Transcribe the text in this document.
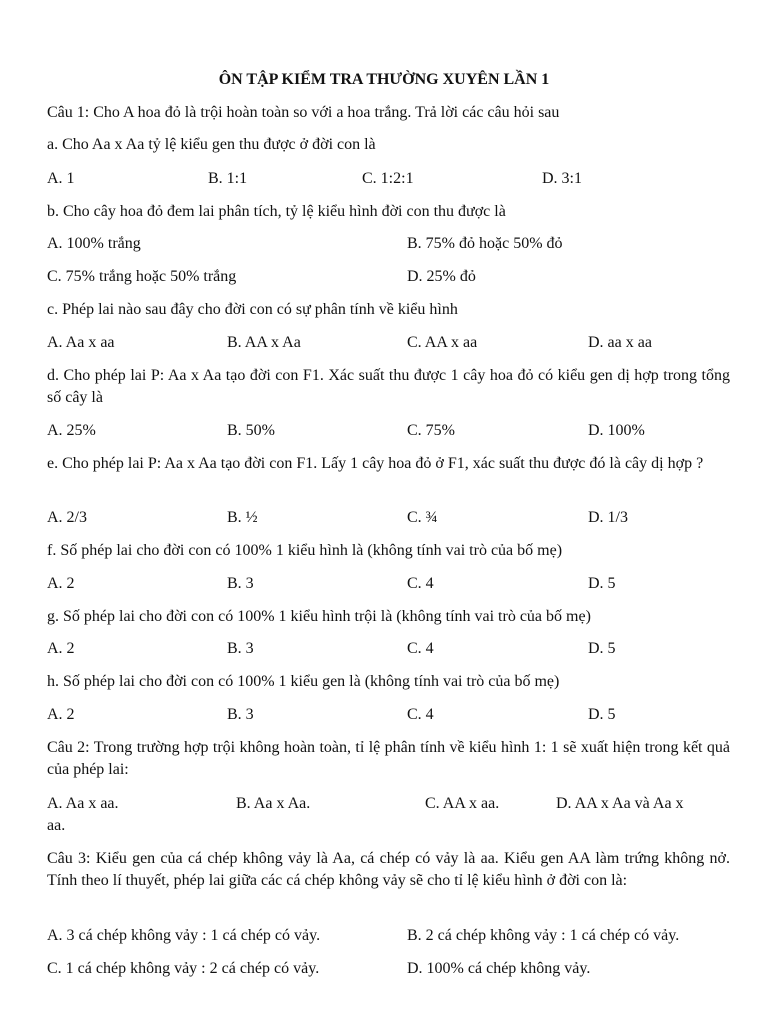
ÔN TẬP KIỂM TRA THƯỜNG XUYÊN LẦN 1
Câu 1: Cho A hoa đỏ là trội hoàn toàn so với a hoa trắng. Trả lời các câu hỏi sau
a. Cho Aa x Aa tỷ lệ kiểu gen thu được ở đời con là
A. 1	B. 1:1	C. 1:2:1	D. 3:1
b. Cho cây hoa đỏ đem lai phân tích, tỷ lệ kiểu hình đời con thu được là
A. 100% trắng	B. 75% đỏ hoặc 50% đỏ
C. 75% trắng hoặc 50% trắng	D. 25% đỏ
c. Phép lai nào sau đây cho đời con có sự phân tính về kiểu hình
A. Aa x aa	B. AA x Aa	C. AA x aa	D. aa x aa
d. Cho phép lai P: Aa x Aa tạo đời con F1. Xác suất thu được 1 cây hoa đỏ có kiểu gen dị hợp trong tổng số cây là
A. 25%	B. 50%	C. 75%	D. 100%
e. Cho phép lai P: Aa x Aa tạo đời con F1. Lấy 1 cây hoa đỏ ở F1, xác suất thu được đó là cây dị hợp ?
A. 2/3	B. ½	C. ¾	D. 1/3
f. Số phép lai cho đời con có 100% 1 kiểu hình là (không tính vai trò của bố mẹ)
A. 2	B. 3	C. 4	D. 5
g. Số phép lai cho đời con có 100% 1 kiểu hình trội là (không tính vai trò của bố mẹ)
A. 2	B. 3	C. 4	D. 5
h. Số phép lai cho đời con có 100% 1 kiểu gen là (không tính vai trò của bố mẹ)
A. 2	B. 3	C. 4	D. 5
Câu 2: Trong trường hợp trội không hoàn toàn, tỉ lệ phân tính về kiểu hình 1: 1 sẽ xuất hiện trong kết quả của phép lai:
A. Aa x aa.	B. Aa x Aa.	C. AA x aa.	D. AA x Aa và Aa x
aa.
Câu 3: Kiểu gen của cá chép không vảy là Aa, cá chép có vảy là aa. Kiểu gen AA làm trứng không nở. Tính theo lí thuyết, phép lai giữa các cá chép không vảy sẽ cho tỉ lệ kiểu hình ở đời con là:
A. 3 cá chép không vảy : 1 cá chép có vảy.	B. 2 cá chép không vảy : 1 cá chép có vảy.
C. 1 cá chép không vảy : 2 cá chép có vảy.	D. 100% cá chép không vảy.
